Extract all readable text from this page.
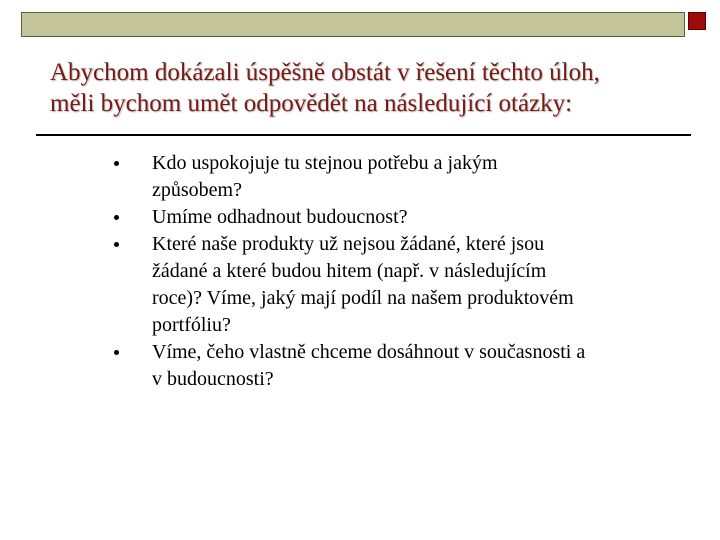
Abychom dokázali úspěšně obstát v řešení těchto úloh,
měli bychom umět odpovědět na následující otázky:
Kdo uspokojuje tu stejnou potřebu a jakým
způsobem?
Umíme odhadnout budoucnost?
Které naše produkty už nejsou žádané, které jsou
žádané a které budou hitem (např. v následujícím
roce)? Víme, jaký mají podíl na našem produktovém
portfóliu?
Víme, čeho vlastně chceme dosáhnout v současnosti a
v budoucnosti?
